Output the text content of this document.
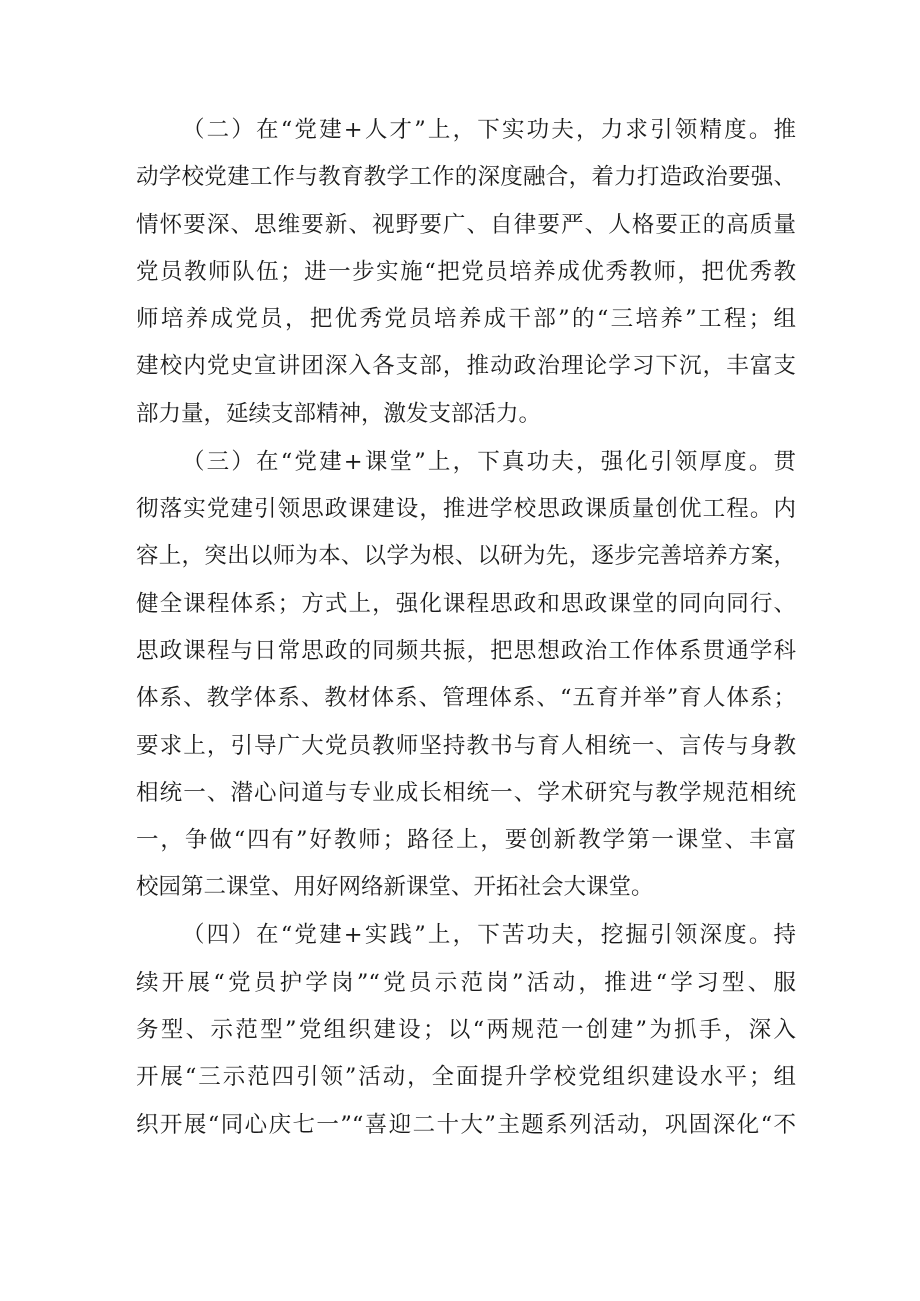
（二）在“党建+人才”上，下实功夫，力求引领精度。推
动学校党建工作与教育教学工作的深度融合，着力打造政治要强、
情怀要深、思维要新、视野要广、自律要严、人格要正的高质量
党员教师队伍；进一步实施“把党员培养成优秀教师，把优秀教
师培养成党员，把优秀党员培养成干部”的“三培养”工程；组
建校内党史宣讲团深入各支部，推动政治理论学习下沉，丰富支
部力量，延续支部精神，激发支部活力。
（三）在“党建+课堂”上，下真功夫，强化引领厚度。贯
彻落实党建引领思政课建设，推进学校思政课质量创优工程。内
容上，突出以师为本、以学为根、以研为先，逐步完善培养方案，
健全课程体系；方式上，强化课程思政和思政课堂的同向同行、
思政课程与日常思政的同频共振，把思想政治工作体系贯通学科
体系、教学体系、教材体系、管理体系、“五育并举”育人体系；
要求上，引导广大党员教师坚持教书与育人相统一、言传与身教
相统一、潜心问道与专业成长相统一、学术研究与教学规范相统
一，争做“四有”好教师；路径上，要创新教学第一课堂、丰富
校园第二课堂、用好网络新课堂、开拓社会大课堂。
（四）在“党建+实践”上，下苦功夫，挖掘引领深度。持
续开展“党员护学岗”“党员示范岗”活动，推进“学习型、服
务型、示范型”党组织建设；以“两规范一创建”为抓手，深入
开展“三示范四引领”活动，全面提升学校党组织建设水平；组
织开展“同心庆七一”“喜迎二十大”主题系列活动，巩固深化“不
